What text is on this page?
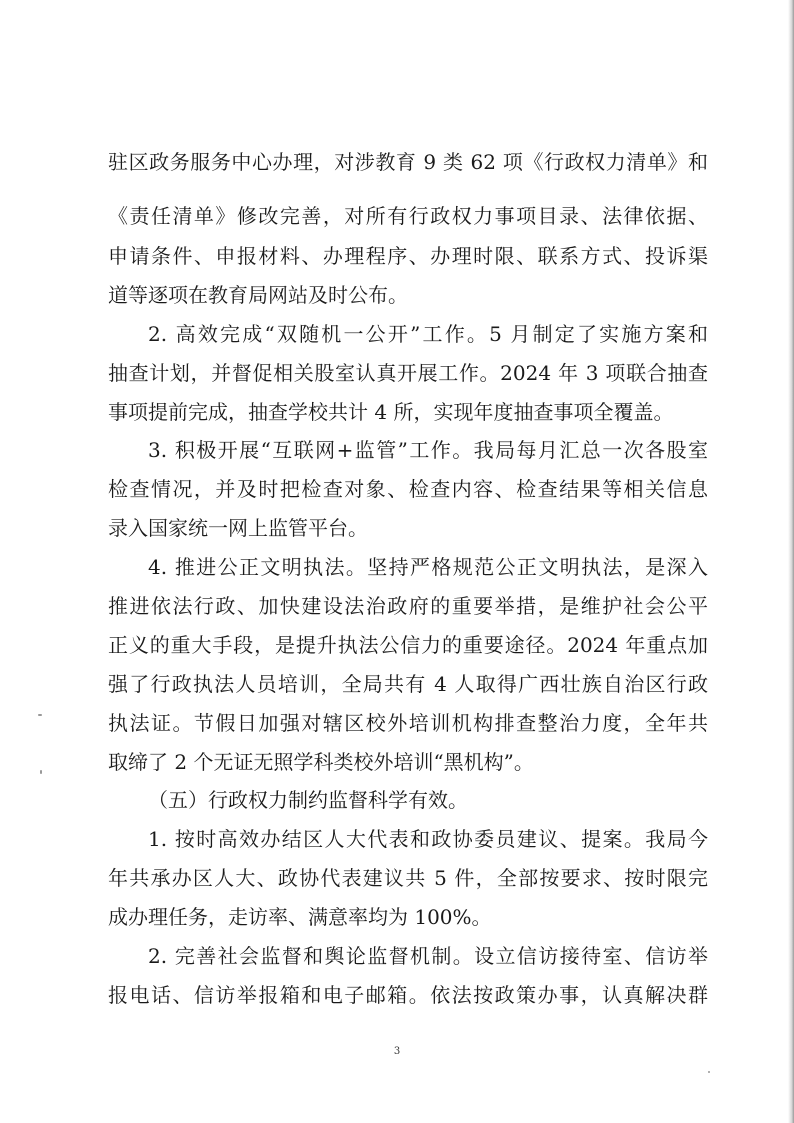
驻区政务服务中心办理，对涉教育 9 类 62 项《行政权力清单》和
《责任清单》修改完善，对所有行政权力事项目录、法律依据、
申请条件、申报材料、办理程序、办理时限、联系方式、投诉渠
道等逐项在教育局网站及时公布。
2. 高效完成“双随机一公开”工作。5 月制定了实施方案和
抽查计划，并督促相关股室认真开展工作。2024 年 3 项联合抽查
事项提前完成，抽查学校共计 4 所，实现年度抽查事项全覆盖。
3. 积极开展“互联网+监管”工作。我局每月汇总一次各股室
检查情况，并及时把检查对象、检查内容、检查结果等相关信息
录入国家统一网上监管平台。
4. 推进公正文明执法。坚持严格规范公正文明执法，是深入
推进依法行政、加快建设法治政府的重要举措，是维护社会公平
正义的重大手段，是提升执法公信力的重要途径。2024 年重点加
强了行政执法人员培训，全局共有 4 人取得广西壮族自治区行政
执法证。节假日加强对辖区校外培训机构排查整治力度，全年共
取缔了 2 个无证无照学科类校外培训“黑机构”。
（五）行政权力制约监督科学有效。
1. 按时高效办结区人大代表和政协委员建议、提案。我局今
年共承办区人大、政协代表建议共 5 件，全部按要求、按时限完
成办理任务，走访率、满意率均为 100%。
2. 完善社会监督和舆论监督机制。设立信访接待室、信访举
报电话、信访举报箱和电子邮箱。依法按政策办事，认真解决群
3
